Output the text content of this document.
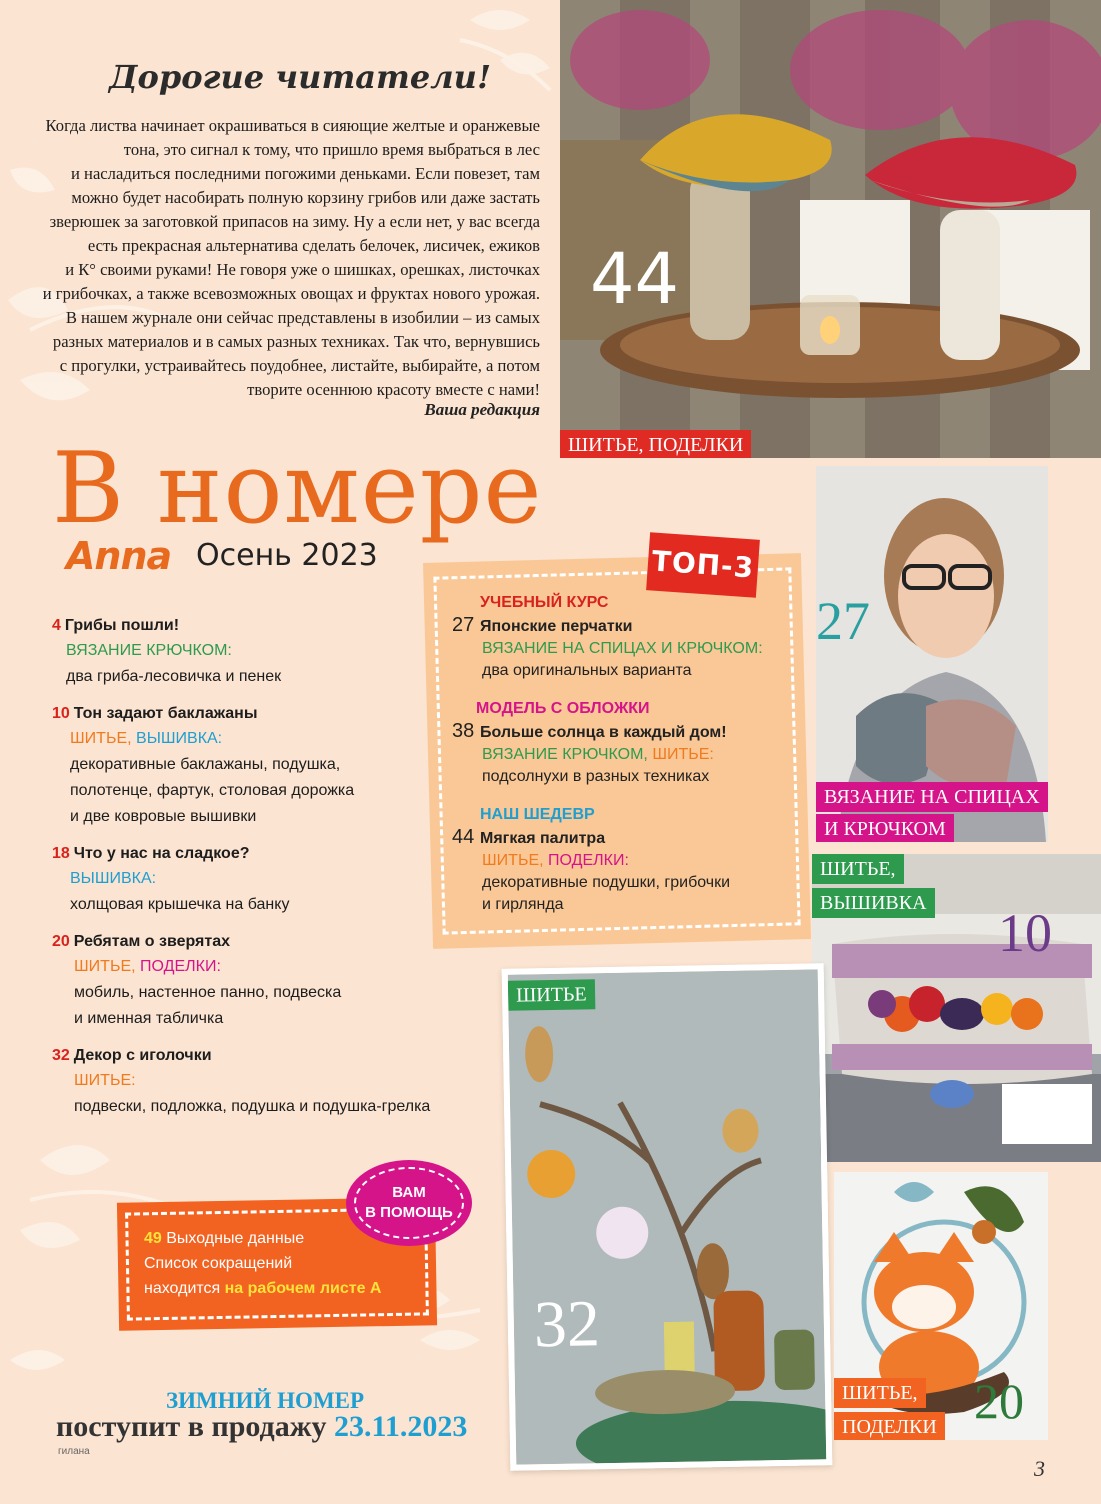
Дорогие читатели!
Когда листва начинает окрашиваться в сияющие желтые и оранжевые
тона, это сигнал к тому, что пришло время выбраться в лес
и насладиться последними погожими деньками. Если повезет, там
можно будет насобирать полную корзину грибов или даже застать
зверюшек за заготовкой припасов на зиму. Ну а если нет, у вас всегда
есть прекрасная альтернатива сделать белочек, лисичек, ежиков
и К° своими руками! Не говоря уже о шишках, орешках, листочках
и грибочках, а также всевозможных овощах и фруктах нового урожая.
В нашем журнале они сейчас представлены в изобилии – из самых
разных материалов и в самых разных техниках. Так что, вернувшись
с прогулки, устраивайтесь поудобнее, листайте, выбирайте, а потом
творите осеннюю красоту вместе с нами!
Ваша редакция
44
ШИТЬЕ, ПОДЕЛКИ
27
ВЯЗАНИЕ НА СПИЦАХ
И КРЮЧКОМ
10
ШИТЬЕ,
ВЫШИВКА
32
ШИТЬЕ
20
ШИТЬЕ,
ПОДЕЛКИ
В номере
Anna Осень 2023
4 Грибы пошли!
ВЯЗАНИЕ КРЮЧКОМ:
два гриба-лесовичка и пенек
10 Тон задают баклажаны
ШИТЬЕ, ВЫШИВКА:
декоративные баклажаны, подушка,
полотенце, фартук, столовая дорожка
и две ковровые вышивки
18 Что у нас на сладкое?
ВЫШИВКА:
холщовая крышечка на банку
20 Ребятам о зверятах
ШИТЬЕ, ПОДЕЛКИ:
мобиль, настенное панно, подвеска
и именная табличка
32 Декор с иголочки
ШИТЬЕ:
подвески, подложка, подушка и подушка-грелка
ТОП-3
УЧЕБНЫЙ КУРС
27 Японские перчатки
ВЯЗАНИЕ НА СПИЦАХ И КРЮЧКОМ:
два оригинальных варианта
МОДЕЛЬ С ОБЛОЖКИ
38 Больше солнца в каждый дом!
ВЯЗАНИЕ КРЮЧКОМ, ШИТЬЕ:
подсолнухи в разных техниках
НАШ ШЕДЕВР
44 Мягкая палитра
ШИТЬЕ, ПОДЕЛКИ:
декоративные подушки, грибочки
и гирлянда
49 Выходные данные
Список сокращений
находится на рабочем листе А
ВАМ
В ПОМОЩЬ
ЗИМНИЙ НОМЕР
поступит в продажу 23.11.2023
гилана
3
